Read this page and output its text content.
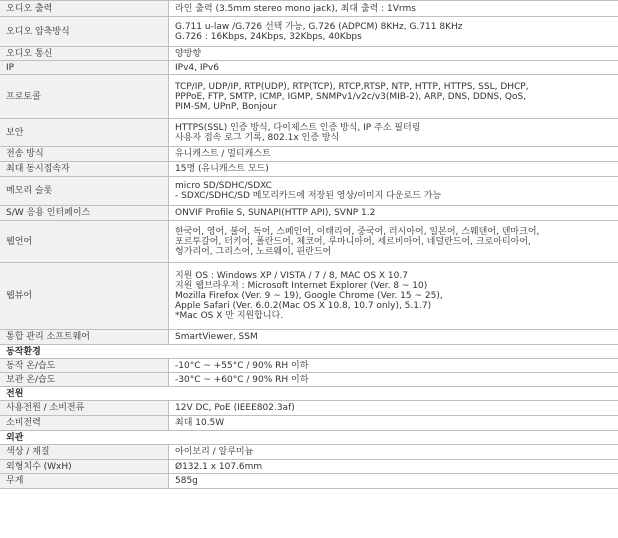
오디오 출력	라인 출력 (3.5mm stereo mono jack), 최대 출력 : 1Vrms
오디오 압축방식	G.711 u-law /G.726 선택 가능, G.726 (ADPCM) 8KHz, G.711 8KHz
G.726 : 16Kbps, 24Kbps, 32Kbps, 40Kbps
오디오 통신	양방향
IP	IPv4, IPv6
프로토콜	TCP/IP, UDP/IP, RTP(UDP), RTP(TCP), RTCP,RTSP, NTP, HTTP, HTTPS, SSL, DHCP,
PPPoE, FTP, SMTP, ICMP, IGMP, SNMPv1/v2c/v3(MIB-2), ARP, DNS, DDNS, QoS,
PIM-SM, UPnP, Bonjour
보안	HTTPS(SSL) 인증 방식, 다이제스트 인증 방식, IP 주소 필터링
사용자 접속 로그 기록, 802.1x 인증 방식
전송 방식	유니캐스트 / 멀티캐스트
최대 동시접속자	15명 (유니캐스트 모드)
메모리 슬롯	micro SD/SDHC/SDXC
- SDXC/SDHC/SD 메모리카드에 저장된 영상/이미지 다운로드 가능
S/W 응용 인터페이스	ONVIF Profile S, SUNAPI(HTTP API), SVNP 1.2
웹언어	한국어, 영어, 불어, 독어, 스페인어, 이태리어, 중국어, 러시아어, 일본어, 스웨덴어, 덴마크어,
포르투갈어, 터키어, 폴란드어, 체코어, 루마니아어, 세르비아어, 네덜란드어, 크로아티아어,
헝가리어, 그리스어, 노르웨이, 핀란드어
웹뷰어	지원 OS : Windows XP / VISTA / 7 / 8, MAC OS X 10.7
지원 웹브라우저 : Microsoft Internet Explorer (Ver. 8 ~ 10)
Mozilla Firefox (Ver. 9 ~ 19), Google Chrome (Ver. 15 ~ 25),
Apple Safari (Ver. 6.0.2(Mac OS X 10.8, 10.7 only), 5.1.7)
*Mac OS X 만 지원합니다.
통합 관리 소프트웨어	SmartViewer, SSM
동작환경	
동작 온/습도	-10°C ~ +55°C / 90% RH 이하
보관 온/습도	-30°C ~ +60°C / 90% RH 이하
전원	
사용전원 / 소비전류	12V DC, PoE (IEEE802.3af)
소비전력	최대 10.5W
외관	
색상 / 재질	아이보리 / 알루미늄
외형치수 (WxH)	Ø132.1 x 107.6mm
무게	585g
